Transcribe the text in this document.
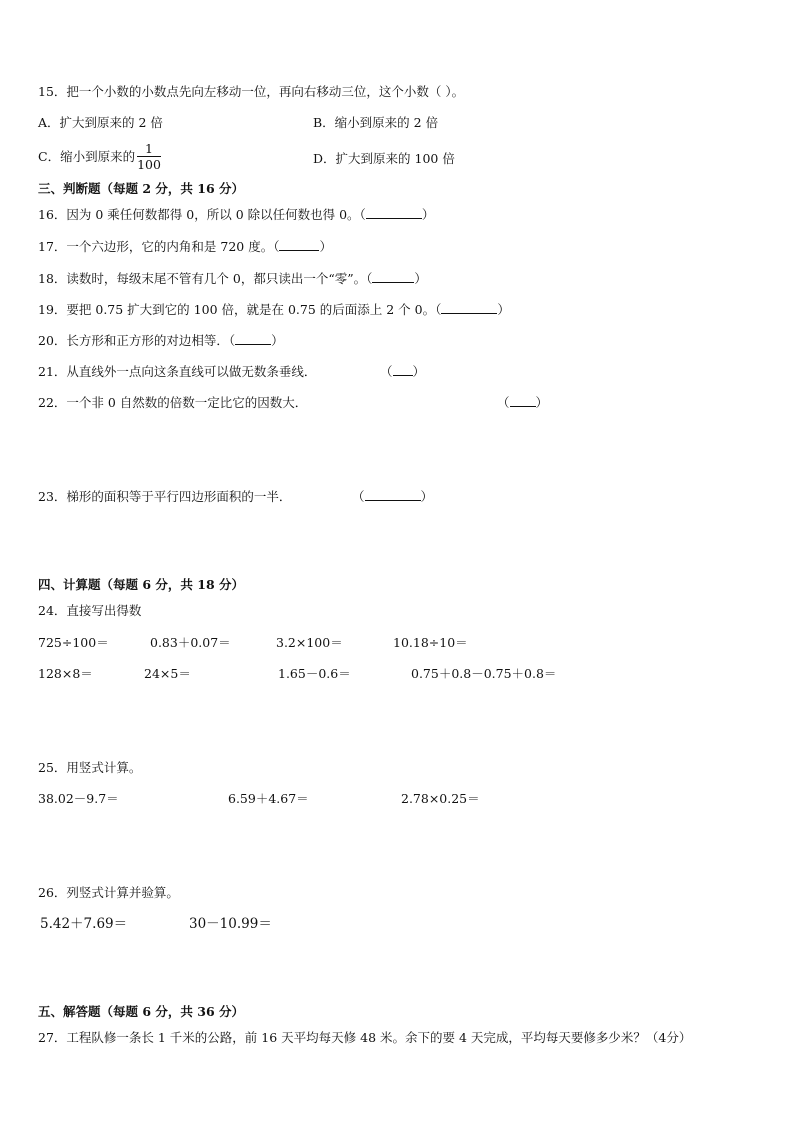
15．把一个小数的小数点先向左移动一位，再向右移动三位，这个小数（ ）。
A．扩大到原来的 2 倍	B．缩小到原来的 2 倍
C．缩小到原来的 $\frac{1}{100}$	D．扩大到原来的 100 倍
三、判断题（每题 2 分，共 16 分）
16．因为 0 乘任何数都得 0，所以 0 除以任何数也得 0。（	）
17．一个六边形，它的内角和是 720 度。（	）
18．读数时，每级末尾不管有几个 0，都只读出一个“零”。（	）
19．要把 0.75 扩大到它的 100 倍，就是在 0.75 的后面添上 2 个 0。（	）
20．长方形和正方形的对边相等．（	）
21．从直线外一点向这条直线可以做无数条垂线．	（ ）
22．一个非 0 自然数的倍数一定比它的因数大．	（ ）
23．梯形的面积等于平行四边形面积的一半．	（	）
四、计算题（每题 6 分，共 18 分）
24．直接写出得数
725÷100＝	0.83＋0.07＝	3.2×100＝	10.18÷10＝
128×8＝	24×5＝	1.65－0.6＝	0.75＋0.8－0.75＋0.8＝
25．用竖式计算。
38.02－9.7＝	6.59＋4.67＝	2.78×0.25＝
26．列竖式计算并验算。
5.42＋7.69＝	30－10.99＝
五、解答题（每题 6 分，共 36 分）
27．工程队修一条长 1 千米的公路，前 16 天平均每天修 48 米。余下的要 4 天完成，平均每天要修多少米？（4分）
